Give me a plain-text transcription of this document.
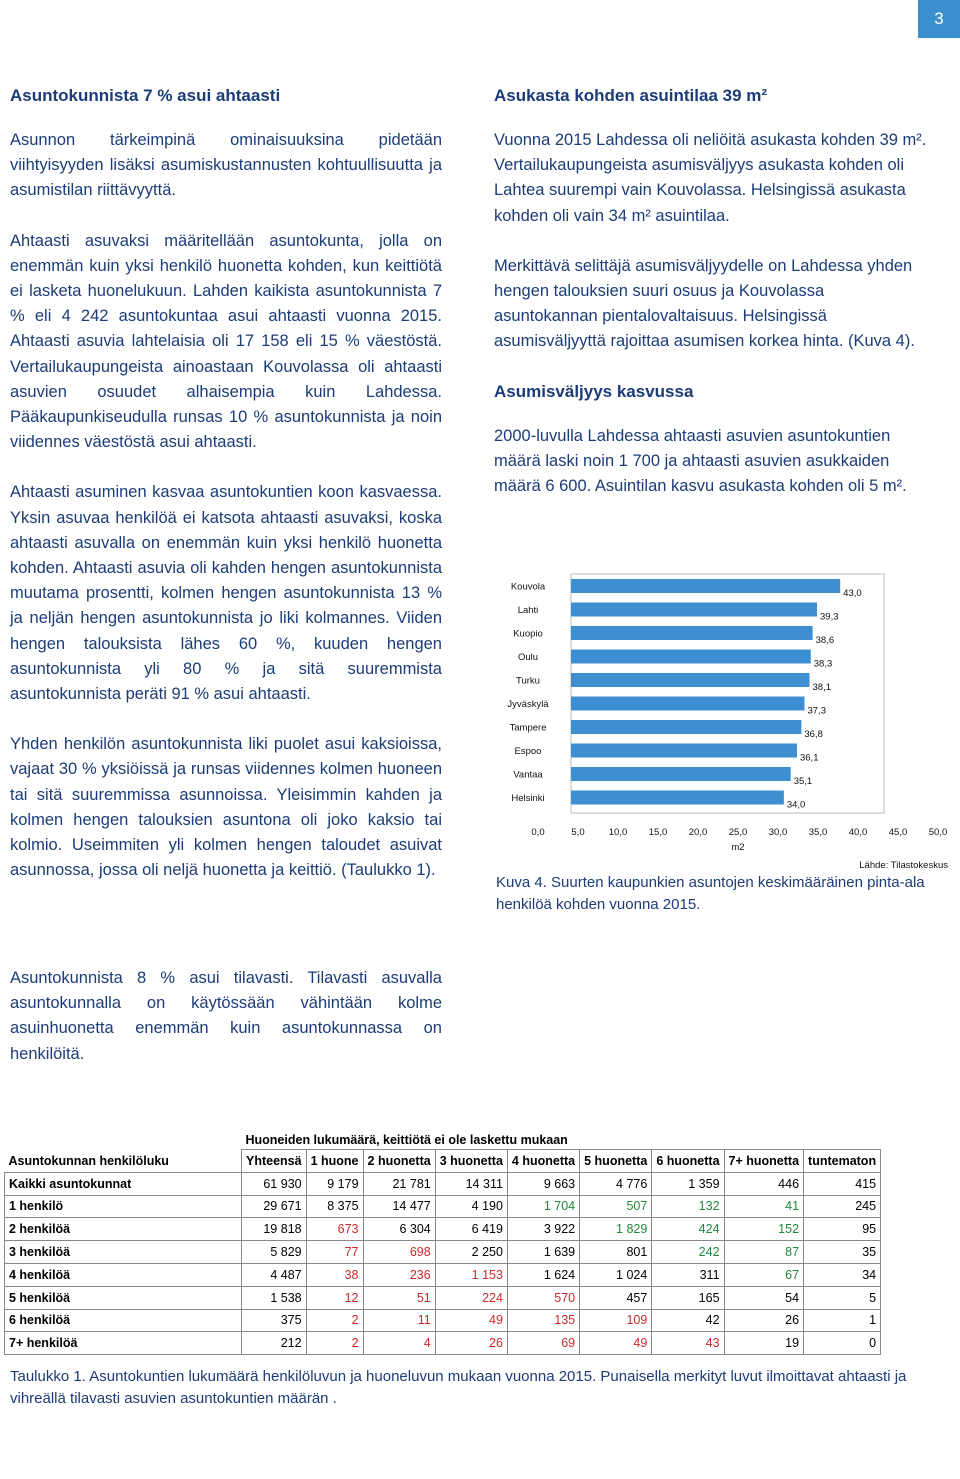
3
Asuntokunnista 7 % asui ahtaasti

Asunnon tärkeimpinä ominaisuuksina pidetään viihtyisyyden lisäksi asumiskustannusten kohtuullisuutta ja asumistilan riittävyyttä.

Ahtaasti asuvaksi määritellään asuntokunta, jolla on enemmän kuin yksi henkilö huonetta kohden, kun keittiötä ei lasketa huonelukuun. Lahden kaikista asuntokunnista 7 % eli 4 242 asuntokuntaa asui ahtaasti vuonna 2015. Ahtaasti asuvia lahtelaisia oli 17 158 eli 15 % väestöstä. Vertailukaupungeista ainoastaan Kouvolassa oli ahtaasti asuvien osuudet alhaisempia kuin Lahdessa. Pääkaupunkiseudulla runsas 10 % asuntokunnista ja noin viidennes väestöstä asui ahtaasti.

Ahtaasti asuminen kasvaa asuntokuntien koon kasvaessa. Yksin asuvaa henkilöä ei katsota ahtaasti asuvaksi, koska ahtaasti asuvalla on enemmän kuin yksi henkilö huonetta kohden. Ahtaasti asuvia oli kahden hengen asuntokunnista muutama prosentti, kolmen hengen asuntokunnista 13 % ja neljän hengen asuntokunnista jo liki kolmannes. Viiden hengen talouksista lähes 60 %, kuuden hengen asuntokunnista yli 80 % ja sitä suuremmista asuntokunnista peräti 91 % asui ahtaasti.

Yhden henkilön asuntokunnista liki puolet asui kaksioissa, vajaat 30 % yksiöissä ja runsas viidennes kolmen huoneen tai sitä suuremmissa asunnoissa. Yleisimmin kahden ja kolmen hengen talouksien asuntona oli joko kaksio tai kolmio. Useimmiten yli kolmen hengen taloudet asuivat asunnossa, jossa oli neljä huonetta ja keittiö. (Taulukko 1).

Asuntokunnista 8 % asui tilavasti. Tilavasti asuvalla asuntokunnalla on käytössään vähintään kolme asuinhuonetta enemmän kuin asuntokunnassa on henkilöitä.
Asukasta kohden asuintilaa 39 m²

Vuonna 2015 Lahdessa oli neliöitä asukasta kohden 39 m². Vertailukaupungeista asumisväljyys asukasta kohden oli Lahtea suurempi vain Kouvolassa. Helsingissä asukasta kohden oli vain 34 m² asuintilaa.

Merkittävä selittäjä asumisväljyydelle on Lahdessa yhden hengen talouksien suuri osuus ja Kouvolassa asuntokannan pientalovaltaisuus. Helsingissä asumisväljyyttä rajoittaa asumisen korkea hinta. (Kuva 4).

Asumisväljyys kasvussa

2000-luvulla Lahdessa ahtaasti asuvien asuntokuntien määrä laski noin 1 700 ja ahtaasti asuvien asukkaiden määrä 6 600. Asuintilan kasvu asukasta kohden oli 5 m².

Kouvola
43,0
Lahti
39,3
Kuopio
38,6
Oulu
38,3
Turku
38,1
Jyväskylä
37,3
Tampere
36,8
Espoo
36,1
Vantaa
35,1
Helsinki
34,0
0,0	5,0	10,0 15,0 20,0 25,0 30,0 35,0 40,0 45,0 50,0
m2
Lähde: Tilastokeskus
Kuva 4. Suurten kaupunkien asuntojen keskimääräinen pinta-ala henkilöä kohden vuonna 2015.
	Huoneiden lukumäärä, keittiötä ei ole laskettu mukaan								
Asuntokunnan henkilöluku	Yhteensä	1 huone	2 huonetta	3 huonetta	4 huonetta	5 huonetta	6 huonetta	7+ huonetta	tuntematon
Kaikki asuntokunnat	61 930	9 179	21 781	14 311	9 663	4 776	1 359	446	415
1 henkilö	29 671	8 375	14 477	4 190	1 704	507	132	41	245
2 henkilöä	19 818	673	6 304	6 419	3 922	1 829	424	152	95
3 henkilöä	5 829	77	698	2 250	1 639	801	242	87	35
4 henkilöä	4 487	38	236	1 153	1 624	1 024	311	67	34
5 henkilöä	1 538	12	51	224	570	457	165	54	5
6 henkilöä	375	2	11	49	135	109	42	26	1
7+ henkilöä	212	2	4	26	69	49	43	19	0
Taulukko 1. Asuntokuntien lukumäärä henkilöluvun ja huoneluvun mukaan vuonna 2015. Punaisella merkityt luvut ilmoittavat ahtaasti ja vihreällä tilavasti asuvien asuntokuntien määrän .
